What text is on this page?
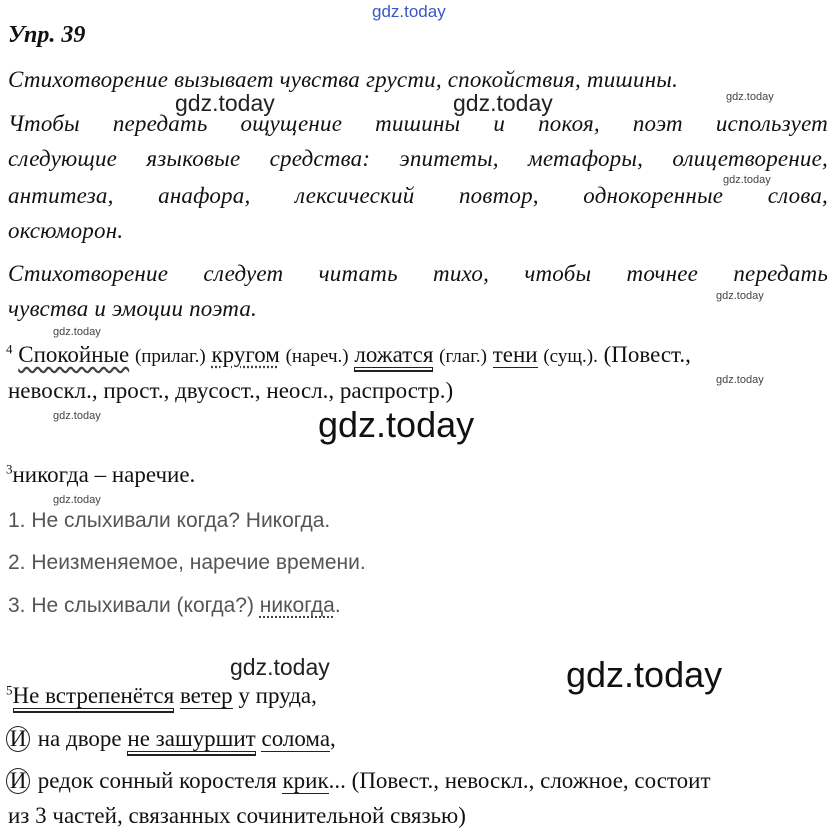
gdz.today
gdz.today	gdz.today	gdz.today
gdz.today
gdz.today
gdz.today
gdz.today
gdz.today	gdz.today
gdz.today
gdz.today	gdz.today
Упр. 39
Стихотворение вызывает чувства грусти, спокойствия, тишины.
Чтобы передать ощущение тишины и покоя, поэт использует
следующие языковые средства: эпитеты, метафоры, олицетворение,
антитеза, анафора, лексический повтор, однокоренные слова,
оксюморон.
Стихотворение следует читать тихо, чтобы точнее передать
чувства и эмоции поэта.
$^4$ Спокойные (прилаг.) кругом (нареч.) ложатся (глаг.) тени (сущ.). (Повест.,
невоскл., прост., двусост., неосл., распростр.)
$^3$никогда – наречие.
1. Не слыхивали когда? Никогда.
2. Неизменяемое, наречие времени.
3. Не слыхивали (когда?) никогда.
$^5$Не встрепенётся ветер у пруда,
И на дворе не зашуршит солома,
И редок сонный коростеля крик... (Повест., невоскл., сложное, состоит
из 3 частей, связанных сочинительной связью)
